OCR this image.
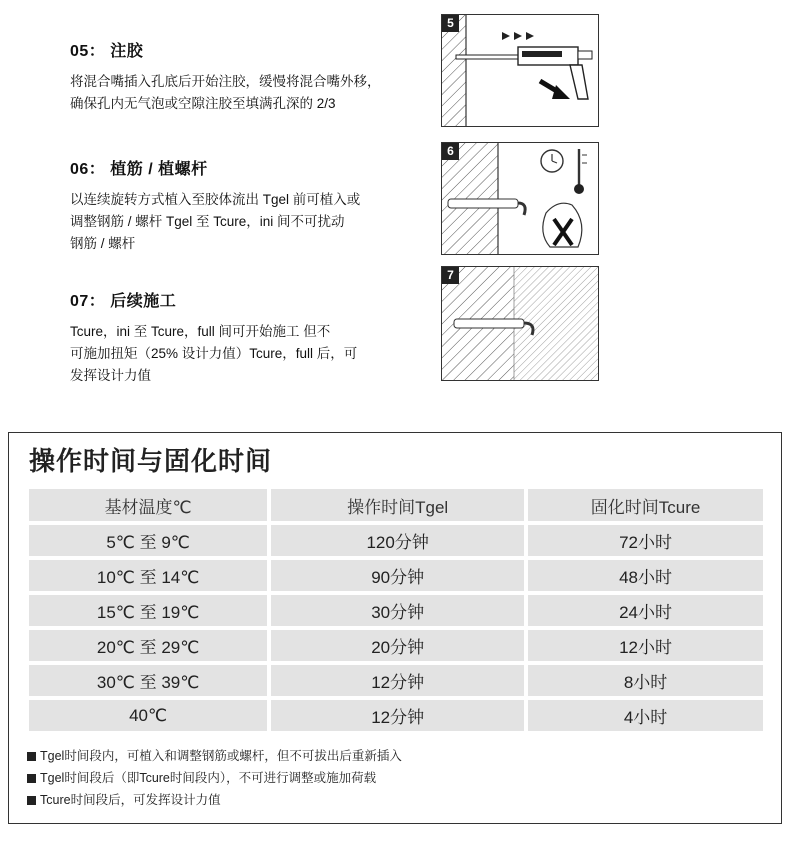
05： 注胶

将混合嘴插入孔底后开始注胶，缓慢将混合嘴外移，
确保孔内无气泡或空隙注胶至填满孔深的 2/3

06： 植筋 / 植螺杆

以连续旋转方式植入至胶体流出 Tgel 前可植入或
调整钢筋 / 螺杆 Tgel 至 Tcure，ini 间不可扰动
钢筋 / 螺杆

07： 后续施工

Tcure，ini 至 Tcure，full 间可开始施工 但不
可施加扭矩（25% 设计力值）Tcure，full 后，可
发挥设计力值

5
6
7
操作时间与固化时间
基材温度℃	操作时间Tgel	固化时间Tcure
5℃ 至 9℃	120分钟	72小时
10℃ 至 14℃	90分钟	48小时
15℃ 至 19℃	30分钟	24小时
20℃ 至 29℃	20分钟	12小时
30℃ 至 39℃	12分钟	8小时
40℃	12分钟	4小时
Tgel时间段内，可植入和调整钢筋或螺杆，但不可拔出后重新插入
Tgel时间段后（即Tcure时间段内），不可进行调整或施加荷载
Tcure时间段后，可发挥设计力值
